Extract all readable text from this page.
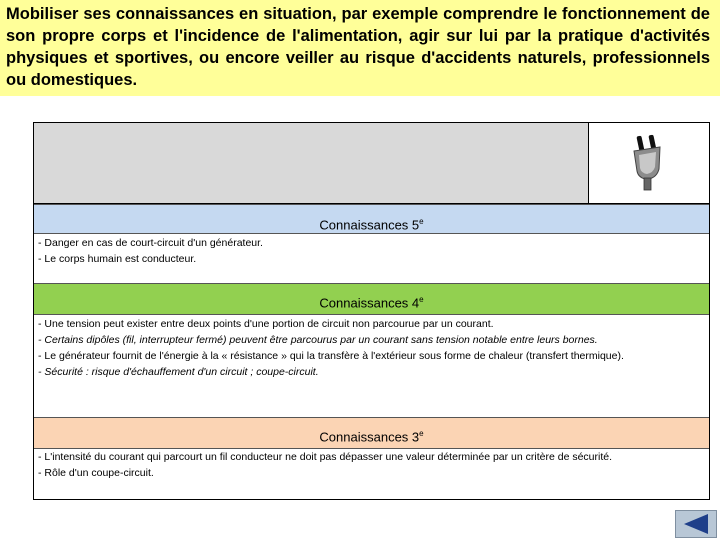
Mobiliser ses connaissances en situation, par exemple comprendre le fonctionnement de son propre corps et l'incidence de l'alimentation, agir sur lui par la pratique d'activités physiques et sportives, ou encore veiller au risque d'accidents naturels, professionnels ou domestiques.

Connaissances 5e
- Danger en cas de court-circuit d'un générateur.
- Le corps humain est conducteur.
Connaissances 4e
- Une tension peut exister entre deux points d'une portion de circuit non parcourue par un courant.
- Certains dipôles (fil, interrupteur fermé) peuvent être parcourus par un courant sans tension notable entre leurs bornes.
- Le générateur fournit de l'énergie à la « résistance » qui la transfère à l'extérieur sous forme de chaleur (transfert thermique).
- Sécurité : risque d'échauffement d'un circuit ; coupe-circuit.
Connaissances 3e
- L'intensité du courant qui parcourt un fil conducteur ne doit pas dépasser une valeur déterminée par un critère de sécurité.
- Rôle d'un coupe-circuit.
